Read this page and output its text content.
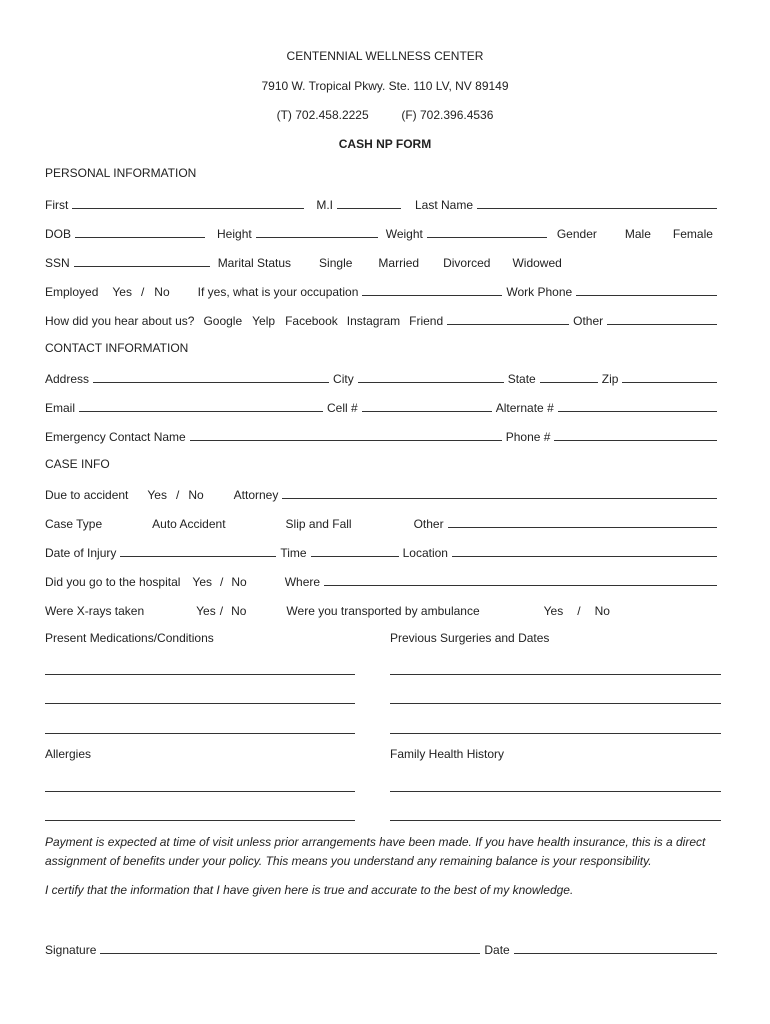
CENTENNIAL WELLNESS CENTER
7910 W. Tropical Pkwy. Ste. 110 LV, NV 89149
(T) 702.458.2225	(F) 702.396.4536
CASH NP FORM
PERSONAL INFORMATION
First	M.I	Last Name
DOB	Height	Weight	Gender Male Female
SSN	Marital Status Single Married Divorced Widowed
Employed Yes / No If yes, what is your occupation	Work Phone
How did you hear about us? Google Yelp Facebook Instagram Friend	Other
CONTACT INFORMATION
Address	City	State	Zip
Email	Cell #	Alternate #
Emergency Contact Name	Phone #
CASE INFO
Due to accident Yes / No	Attorney
Case Type	Auto Accident	Slip and Fall	Other
Date of Injury	Time	Location
Did you go to the hospital Yes / No	Where
Were X-rays taken	Yes / No	Were you transported by ambulance	Yes / No
Present Medications/Conditions	Previous Surgeries and Dates
Allergies	Family Health History
Payment is expected at time of visit unless prior arrangements have been made. If you have health insurance, this is a direct assignment of benefits under your policy. This means you understand any remaining balance is your responsibility.
I certify that the information that I have given here is true and accurate to the best of my knowledge.
Signature	Date
